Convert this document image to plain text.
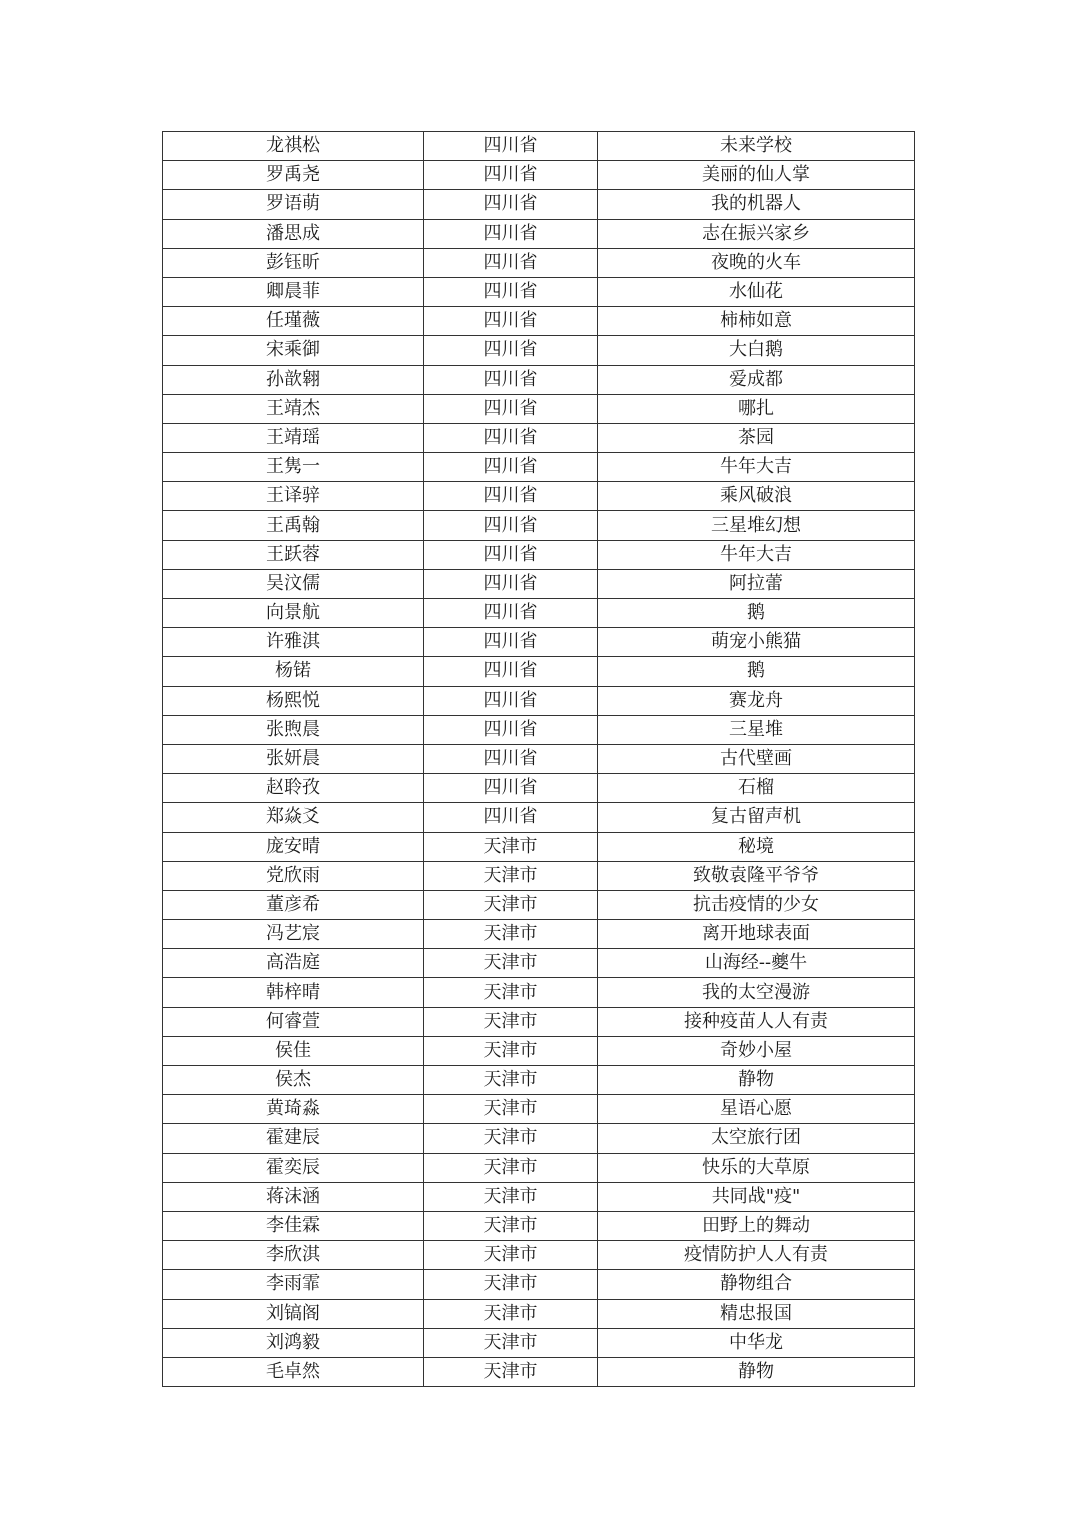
龙祺松	四川省	未来学校
罗禹尧	四川省	美丽的仙人掌
罗语萌	四川省	我的机器人
潘思成	四川省	志在振兴家乡
彭钰昕	四川省	夜晚的火车
卿晨菲	四川省	水仙花
任瑾薇	四川省	柿柿如意
宋乘御	四川省	大白鹅
孙歆翱	四川省	爱成都
王靖杰	四川省	哪扎
王靖瑶	四川省	茶园
王隽一	四川省	牛年大吉
王译骍	四川省	乘风破浪
王禹翰	四川省	三星堆幻想
王跃蓉	四川省	牛年大吉
吴汶儒	四川省	阿拉蕾
向景航	四川省	鹅
许雅淇	四川省	萌宠小熊猫
杨锘	四川省	鹅
杨熙悦	四川省	赛龙舟
张煦晨	四川省	三星堆
张妍晨	四川省	古代壁画
赵聆孜	四川省	石榴
郑焱爻	四川省	复古留声机
庞安晴	天津市	秘境
党欣雨	天津市	致敬袁隆平爷爷
董彦希	天津市	抗击疫情的少女
冯艺宸	天津市	离开地球表面
高浩庭	天津市	山海经--夔牛
韩梓晴	天津市	我的太空漫游
何睿萱	天津市	接种疫苗人人有责
侯佳	天津市	奇妙小屋
侯杰	天津市	静物
黄琦淼	天津市	星语心愿
霍建辰	天津市	太空旅行团
霍奕辰	天津市	快乐的大草原
蒋沫涵	天津市	共同战"疫"
李佳霖	天津市	田野上的舞动
李欣淇	天津市	疫情防护人人有责
李雨霏	天津市	静物组合
刘镐阁	天津市	精忠报国
刘鸿毅	天津市	中华龙
毛卓然	天津市	静物
